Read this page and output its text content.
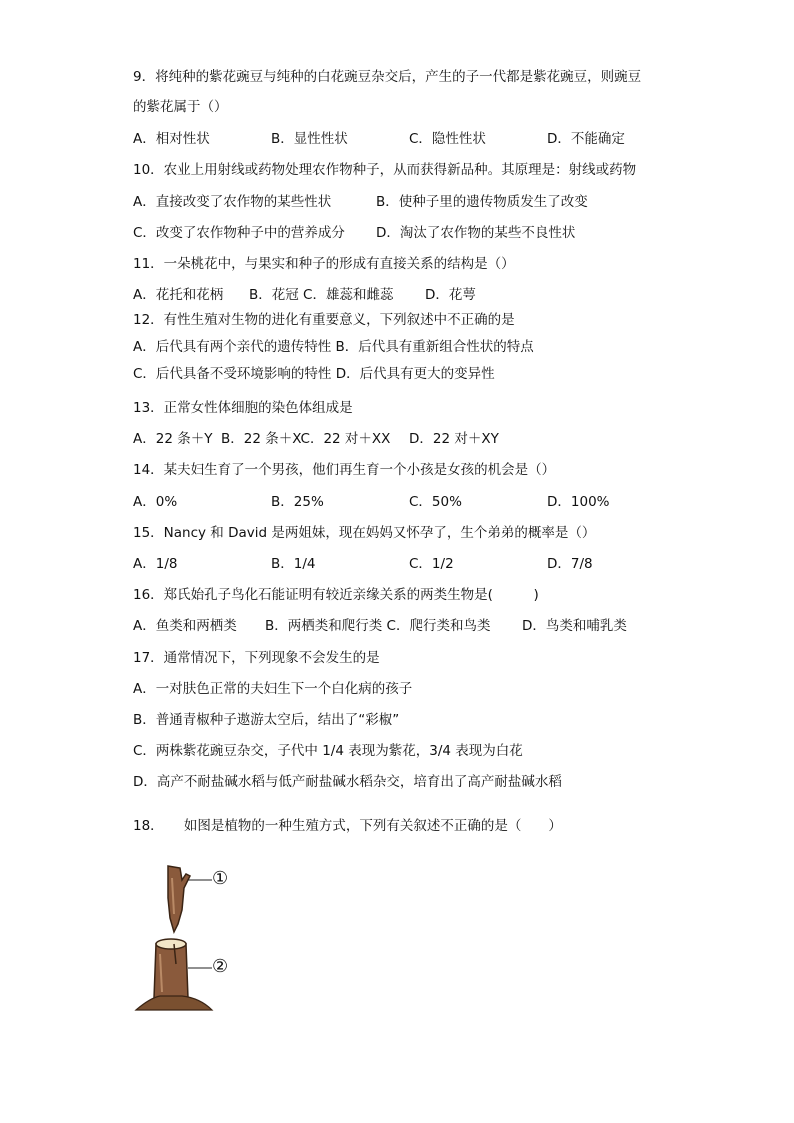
9．将纯种的紫花豌豆与纯种的白花豌豆杂交后，产生的子一代都是紫花豌豆，则豌豆
的紫花属于（）
A．相对性状	B．显性性状	C．隐性性状	D．不能确定
10．农业上用射线或药物处理农作物种子，从而获得新品种。其原理是：射线或药物
A．直接改变了农作物的某些性状	B．使种子里的遗传物质发生了改变
C．改变了农作物种子中的营养成分 D．淘汰了农作物的某些不良性状
11．一朵桃花中，与果实和种子的形成有直接关系的结构是（）
A．花托和花柄 B．花冠 C．雄蕊和雌蕊 D．花萼
12．有性生殖对生物的进化有重要意义，下列叙述中不正确的是
A．后代具有两个亲代的遗传特性 B．后代具有重新组合性状的特点
C．后代具备不受环境影响的特性 D．后代具有更大的变异性
13．正常女性体细胞的染色体组成是
A．22 条＋Y  B．22 条＋XC．22 对＋XX D．22 对＋XY
14．某夫妇生育了一个男孩，他们再生育一个小孩是女孩的机会是（）
A．0%	B．25%	C．50%	D．100%
15．Nancy 和 David 是两姐妹，现在妈妈又怀孕了，生个弟弟的概率是（）
A．1/8	B．1/4	C．1/2	D．7/8
16．郑氏始孔子鸟化石能证明有较近亲缘关系的两类生物是(　　　)
A．鱼类和两栖类 B．两栖类和爬行类 C．爬行类和鸟类 D．鸟类和哺乳类
17．通常情况下，下列现象不会发生的是
A．一对肤色正常的夫妇生下一个白化病的孩子
B．普通青椒种子遨游太空后，结出了“彩椒”
C．两株紫花豌豆杂交，子代中 1/4 表现为紫花，3/4 表现为白花
D．高产不耐盐碱水稻与低产耐盐碱水稻杂交，培育出了高产耐盐碱水稻
18．　　如图是植物的一种生殖方式，下列有关叙述不正确的是（　　）
①
②
